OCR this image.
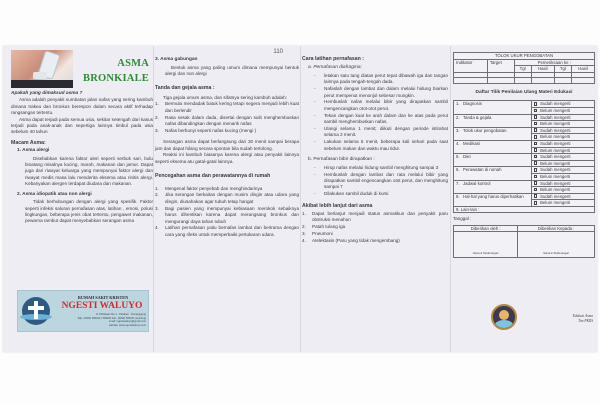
ASMA
BRONKIALE
Apakah yang dimaksud asma ?

Asma adalah penyakit sumbatan jalan nafas yang sering kambuh dimana trakea dan bronkus berespon dalam secara aktif terhadap rangsangan tertentu.

Asma dapat terjadi pada semua usia, sekitar setengah dari kasus terjadi pada anak-anak dan sepertiga lainnya timbul pada usia sebelum 40 tahun

Macam Asma:
1. Asma alergi

Disebabkan karena faktor aleri seperti serbuk sari, bulu binatang misalnya kucing, marah, makanan dan jamur. Dapat juga dari riwayat keluarga yang mempunyai faktor alergi dan riwayat medis masa lalu menderita eksema atau rinitis alergi. Kebanyakan alergen terdapat diudara dan makanan.

2. Asma idiopatik atau non alergi

Tidak berhubungan dengan alergi yang spesifik. Faktor seperti infeksi saluran pernafasan atas, latihan , emosi, polusi lingkungan, beberapa jenis obat tertentu, pengawet makanan, pewarna rambut dapat menyebabkan serangan asma

RUMAH SAKIT KRISTEN
NGESTI WALUYO
Jl. Pahlawan No.1 - Parakan - Temanggung
Telp. (0293) 596019 / 596020 Fax. (0293) 596471 (Hunting)
email: ngestiwaluyo@gmail.com
website: www.ngestiwaluyo.com
110
3. Asma gabungan

Bentuk asma yang paling umum dimana mempunyai bentuk alergi dan non alergi

Tanda dan gejala asma :

Tiga gejala umum asma, dan sifatnya sering kambuh adalah:

1. Bermula mendadak batuk kering tetapi segera menjadi lebih kuat dan berlendir
2. Rasa sesak dalam dada, disertai dengan sulit menghembuskan nafas dibandingkan dengan menarik nafas
3. Nafas berbunyi seperti nafas kucing (mengi )

Serangan asma dapat berlangsung dari 30 menit sampai berapa jam dan dapat hilang secara spontan bila sudah tertolong.

Reaksi ini kambuh biasanya karena alergi atau penyakit lainnya seperti eksema atu gatal-gatal lainnya.

Pencegahan asma dan perawatannya di rumah
1. Mengenal faktor penyebab dan menghindarinya
2. Jika serangan berkaitan dengan musim dingin atau udara yang dingin, diusahakan agar tubuh tetap hangat
3. Bagi pasien yang mempunyai kebiasaan merokok sebaiknya harus dihentikan karena dapat merangsang bronkus dan mengurangi daya tahan tubuh
4. Latihan pernafasan yaitu bernafas lambat dan berirama dengan cara yang rileks untuk memperbaiki pertukaran udara.
Cara latihan pernafasan :
a. Pernafasan diafragma:
- letakan satu tang diatas perut tepat dibawah iga dan tangan lainnya pada tengah-tengah dada.
- Nafaslah dengan lambat dan dalam melalui hidung biarkan perut mempenut menonjol sebesar mungkin.
- Hembuslah nafas melalui bibir yang dirapatkan sambil mengencangkan otot-otot perut.
- Tekan dengan kuat ke arah dalam dan ke atas pada perut sambil menghembuskan nafas.
- Ulangi selama 1 menit; diikuti dengan periode istirahat selama 2 menit.
- Lakukan selama 5 menit, beberapa kali sehari pada saat sebelum makan dan waktu mau tidur.
b. Pernafasan bibir dirapatkan :
- Hirup nafas melalui hidung sambil menghitung sampai 3
- Hembuslah dengan lambat dan rata melalui bibir yang dirapatkan sambil engencangkan otot perut, dan menghitung sampai 7
- Dilakukan sambil duduk di kursi
Akibat lebih lanjut dari asma
1. Dapat berlanjut menjadi status asmatikus dan penyakit paru obstruksi menahun
2. Patah tulang iga
3. Pneumoni
4. Atelektasis (Paru yang tidak mengembang)
TOLOK UKUR PENGOBATAN					
Indikator	Target	Pemeriksaan ke :			
		Tgl	Hasil	Tgl	Hasil

Daftar Tilik Penilaian Ulang Materi Edukasi
1. Diagnosis	Sudah mengerti
	Belum mengerti
2. Tanda & gejala	Sudah mengerti
	Belum mengerti
3. Tolok ukur pengobatan	Sudah mengerti
	Belum mengerti
4. Medikasi	Sudah mengerti
	Belum mengerti
5. Diet	Sudah mengerti
	Belum mengerti
6. Perawatan di rumah	Sudah mengerti
	Belum mengerti
7. Jadwal kontrol	Sudah mengerti
	Belum mengerti
8. Hal-hal yang harus diperhatikan	Sudah mengerti
	Belum mengerti
9. Lain-lain :	
Tanggal :
Diberikan oleh :	Diberikan Kepada :

Nama & Tanda tangan	Nama & Tanda tangan
Edukasi Asma
Tim PKRS
